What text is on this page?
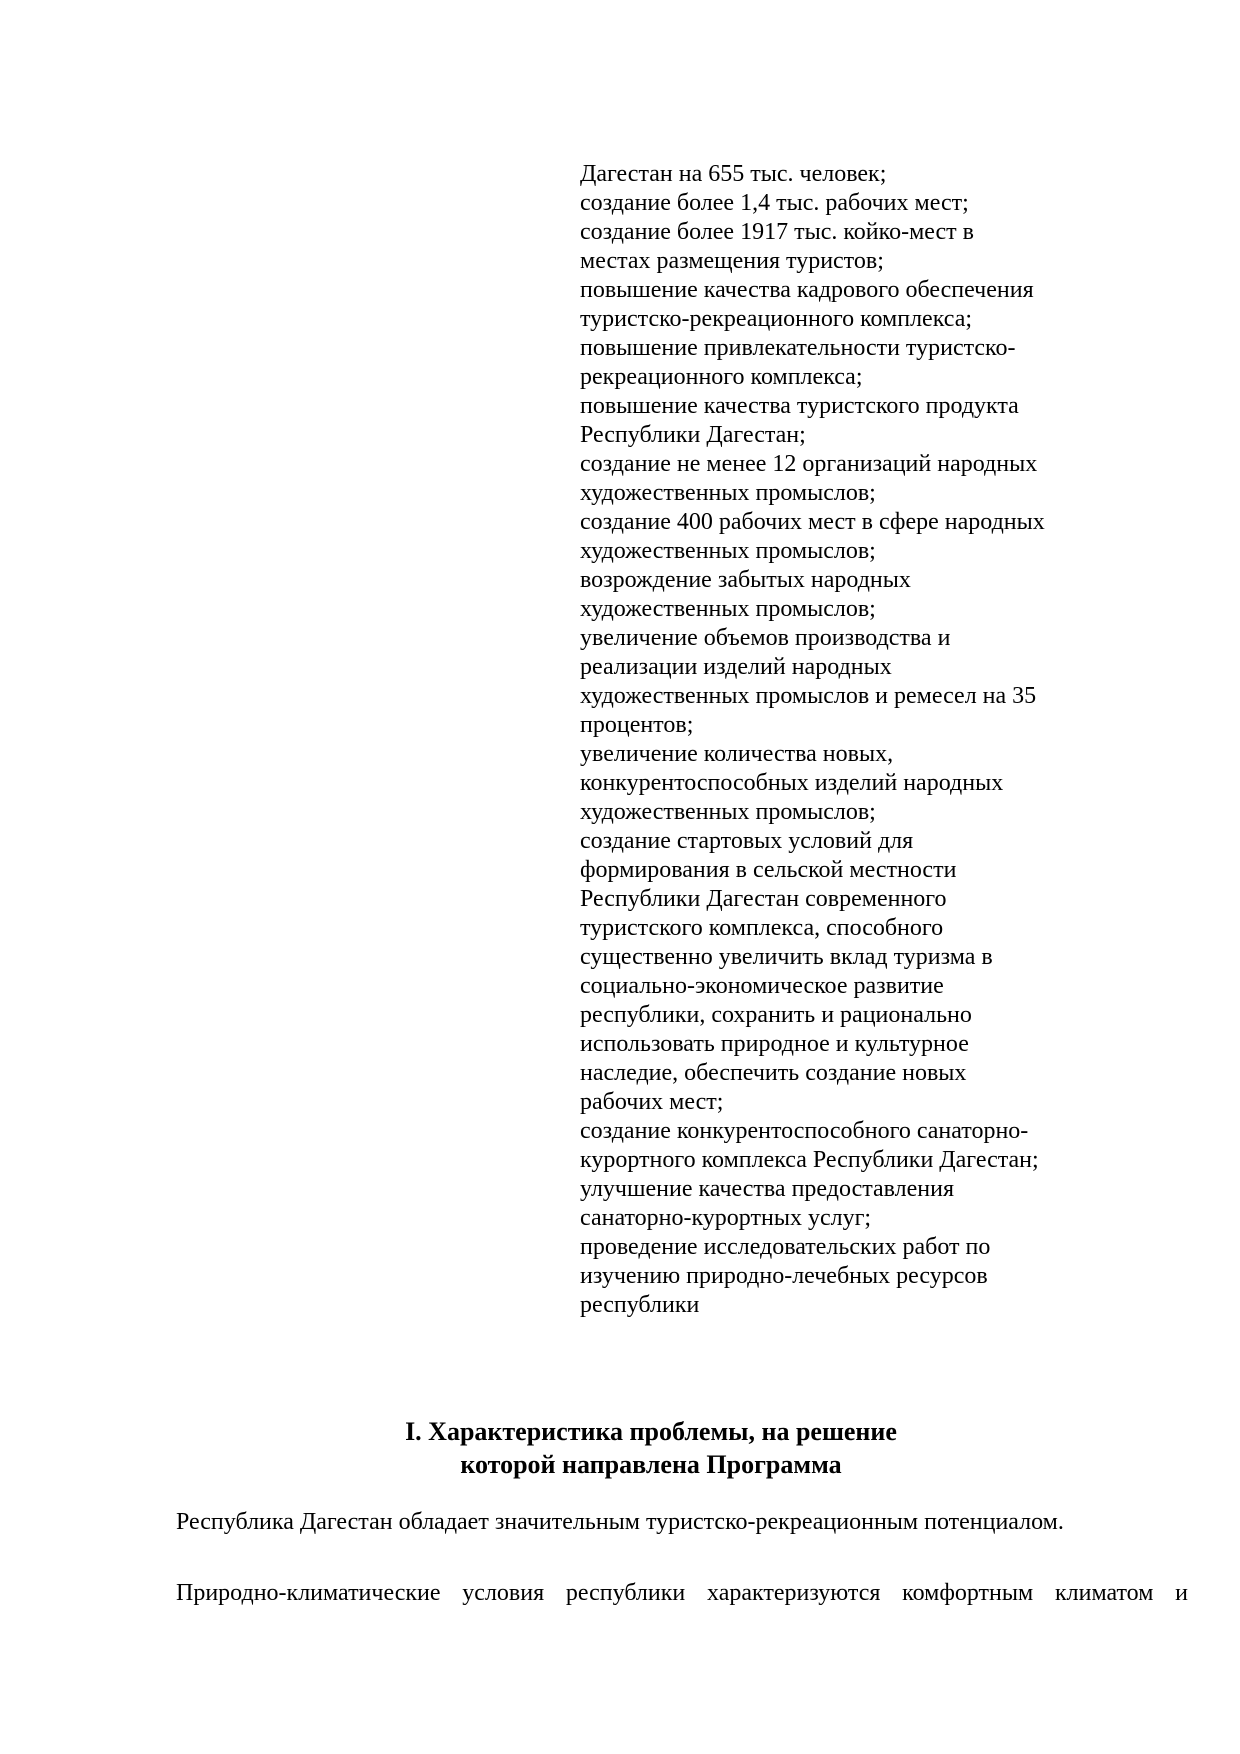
Дагестан на 655 тыс. человек;
создание более 1,4 тыс. рабочих мест;
создание более 1917 тыс. койко-мест в местах размещения туристов;
повышение качества кадрового обеспечения туристско-рекреационного комплекса;
повышение привлекательности туристско-рекреационного комплекса;
повышение качества туристского продукта Республики Дагестан;
создание не менее 12 организаций народных художественных промыслов;
создание 400 рабочих мест в сфере народных художественных промыслов;
возрождение забытых народных художественных промыслов;
увеличение объемов производства и реализации изделий народных художественных промыслов и ремесел на 35 процентов;
увеличение количества новых, конкурентоспособных изделий народных художественных промыслов;
создание стартовых условий для формирования в сельской местности Республики Дагестан современного туристского комплекса, способного существенно увеличить вклад туризма в социально-экономическое развитие республики, сохранить и рационально использовать природное и культурное наследие, обеспечить создание новых рабочих мест;
создание конкурентоспособного санаторно-курортного комплекса Республики Дагестан;
улучшение качества предоставления санаторно-курортных услуг;
проведение исследовательских работ по изучению природно-лечебных ресурсов республики
I. Характеристика проблемы, на решение
которой направлена Программа

Республика Дагестан обладает значительным туристско-рекреационным потенциалом.

Природно-климатические условия республики характеризуются комфортным климатом и
